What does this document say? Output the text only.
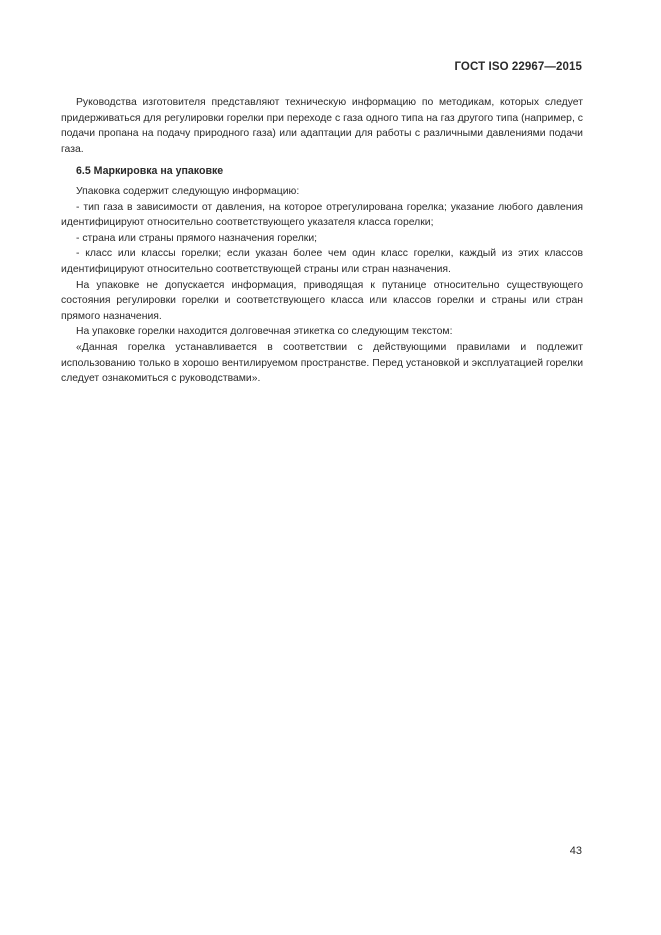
ГОСТ ISO 22967—2015

Руководства изготовителя представляют техническую информацию по методикам, которых следует придерживаться для регулировки горелки при переходе с газа одного типа на газ другого типа (например, с подачи пропана на подачу природного газа) или адаптации для работы с различными давлениями подачи газа.

6.5 Маркировка на упаковке

Упаковка содержит следующую информацию:

- тип газа в зависимости от давления, на которое отрегулирована горелка; указание любого давления идентифицируют относительно соответствующего указателя класса горелки;

- страна или страны прямого назначения горелки;

- класс или классы горелки; если указан более чем один класс горелки, каждый из этих классов идентифицируют относительно соответствующей страны или стран назначения.

На упаковке не допускается информация, приводящая к путанице относительно существующего состояния регулировки горелки и соответствующего класса или классов горелки и страны или стран прямого назначения.

На упаковке горелки находится долговечная этикетка со следующим текстом:

«Данная горелка устанавливается в соответствии с действующими правилами и подлежит использованию только в хорошо вентилируемом пространстве. Перед установкой и эксплуатацией горелки следует ознакомиться с руководствами».

43
